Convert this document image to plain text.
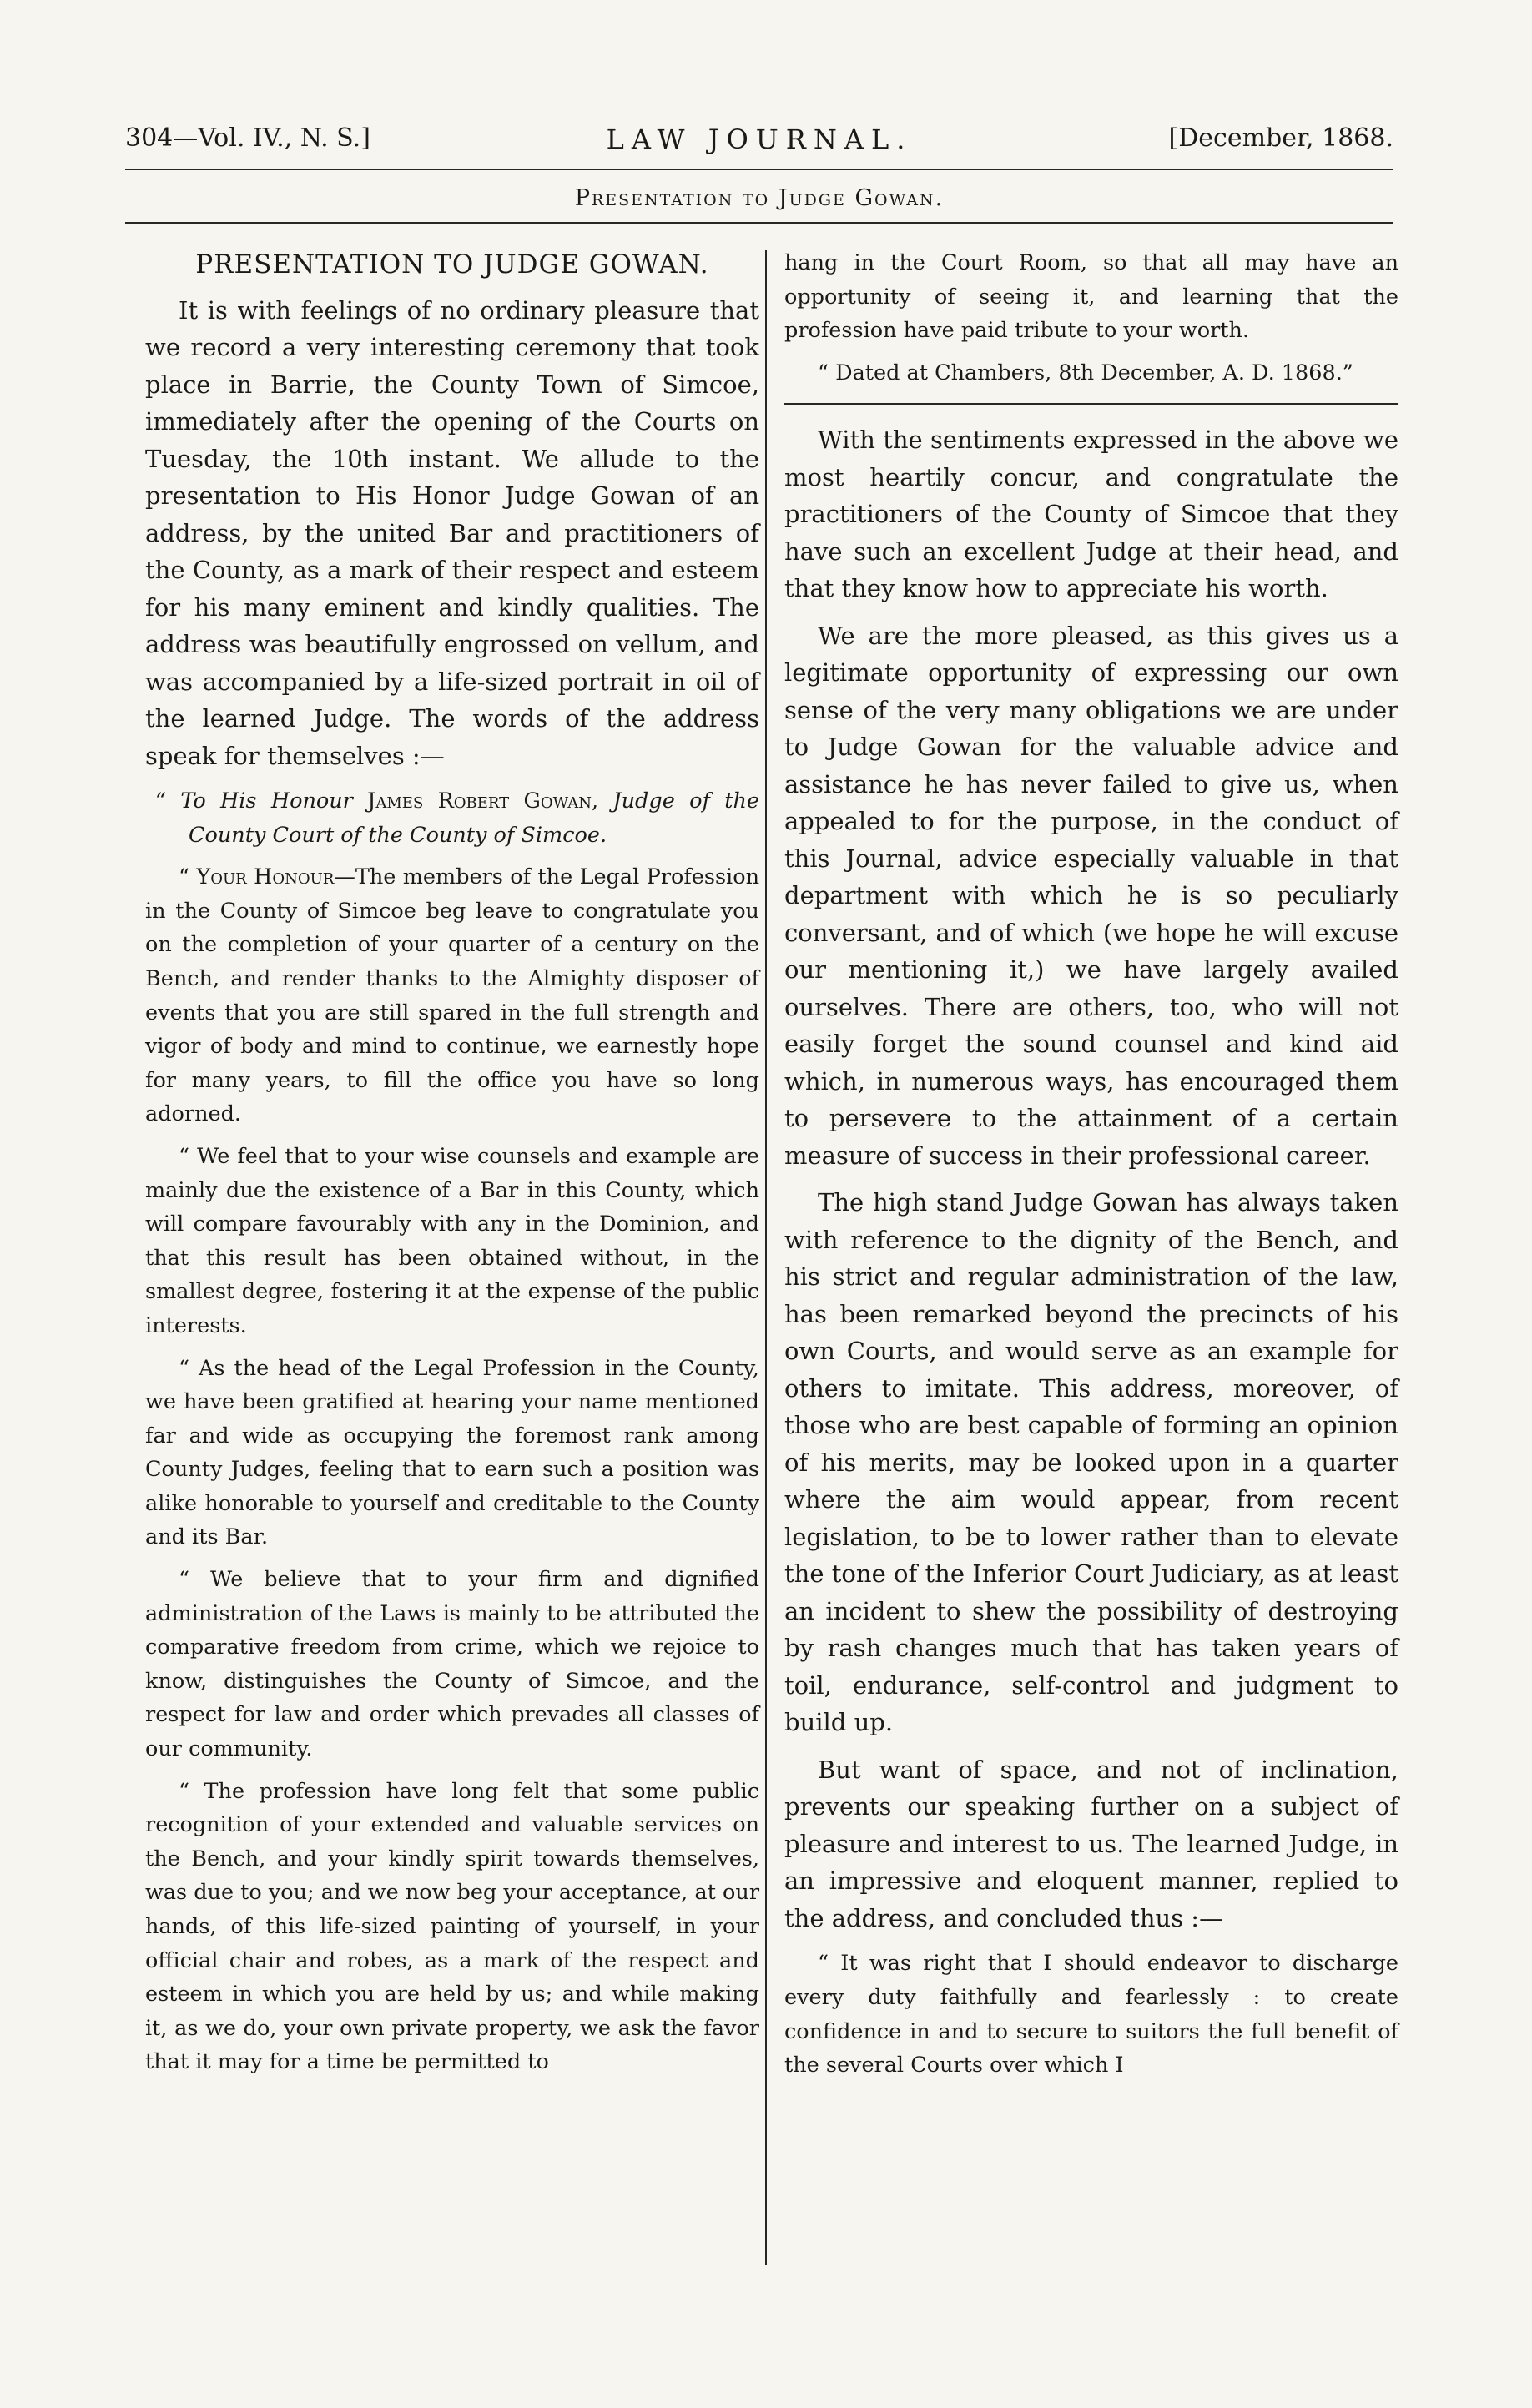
304—Vol. IV., N. S.]	LAW JOURNAL.	[December, 1868.
Presentation to Judge Gowan.
PRESENTATION TO JUDGE GOWAN.

It is with feelings of no ordinary pleasure that we record a very interesting ceremony that took place in Barrie, the County Town of Simcoe, immediately after the opening of the Courts on Tuesday, the 10th instant. We allude to the presentation to His Honor Judge Gowan of an address, by the united Bar and practitioners of the County, as a mark of their respect and esteem for his many eminent and kindly qualities. The address was beautifully engrossed on vellum, and was accompanied by a life-sized portrait in oil of the learned Judge. The words of the address speak for themselves :—

“ To His Honour James Robert Gowan, Judge of the County Court of the County of Simcoe.

“ Your Honour—The members of the Legal Profession in the County of Simcoe beg leave to congratulate you on the completion of your quarter of a century on the Bench, and render thanks to the Almighty disposer of events that you are still spared in the full strength and vigor of body and mind to continue, we earnestly hope for many years, to fill the office you have so long adorned.

“ We feel that to your wise counsels and example are mainly due the existence of a Bar in this County, which will compare favourably with any in the Dominion, and that this result has been obtained without, in the smallest degree, fostering it at the expense of the public interests.

“ As the head of the Legal Profession in the County, we have been gratified at hearing your name mentioned far and wide as occupying the foremost rank among County Judges, feeling that to earn such a position was alike honorable to yourself and creditable to the County and its Bar.

“ We believe that to your firm and dignified administration of the Laws is mainly to be attributed the comparative freedom from crime, which we rejoice to know, distinguishes the County of Simcoe, and the respect for law and order which prevades all classes of our community.

“ The profession have long felt that some public recognition of your extended and valuable services on the Bench, and your kindly spirit towards themselves, was due to you; and we now beg your acceptance, at our hands, of this life-sized painting of yourself, in your official chair and robes, as a mark of the respect and esteem in which you are held by us; and while making it, as we do, your own private property, we ask the favor that it may for a time be permitted to

hang in the Court Room, so that all may have an opportunity of seeing it, and learning that the profession have paid tribute to your worth.

“ Dated at Chambers, 8th December, A. D. 1868.”

With the sentiments expressed in the above we most heartily concur, and congratulate the practitioners of the County of Simcoe that they have such an excellent Judge at their head, and that they know how to appreciate his worth.

We are the more pleased, as this gives us a legitimate opportunity of expressing our own sense of the very many obligations we are under to Judge Gowan for the valuable advice and assistance he has never failed to give us, when appealed to for the purpose, in the conduct of this Journal, advice especially valuable in that department with which he is so peculiarly conversant, and of which (we hope he will excuse our mentioning it,) we have largely availed ourselves. There are others, too, who will not easily forget the sound counsel and kind aid which, in numerous ways, has encouraged them to persevere to the attainment of a certain measure of success in their professional career.

The high stand Judge Gowan has always taken with reference to the dignity of the Bench, and his strict and regular administration of the law, has been remarked beyond the precincts of his own Courts, and would serve as an example for others to imitate. This address, moreover, of those who are best capable of forming an opinion of his merits, may be looked upon in a quarter where the aim would appear, from recent legislation, to be to lower rather than to elevate the tone of the Inferior Court Judiciary, as at least an incident to shew the possibility of destroying by rash changes much that has taken years of toil, endurance, self-control and judgment to build up.

But want of space, and not of inclination, prevents our speaking further on a subject of pleasure and interest to us. The learned Judge, in an impressive and eloquent manner, replied to the address, and concluded thus :—

“ It was right that I should endeavor to discharge every duty faithfully and fearlessly : to create confidence in and to secure to suitors the full benefit of the several Courts over which I
